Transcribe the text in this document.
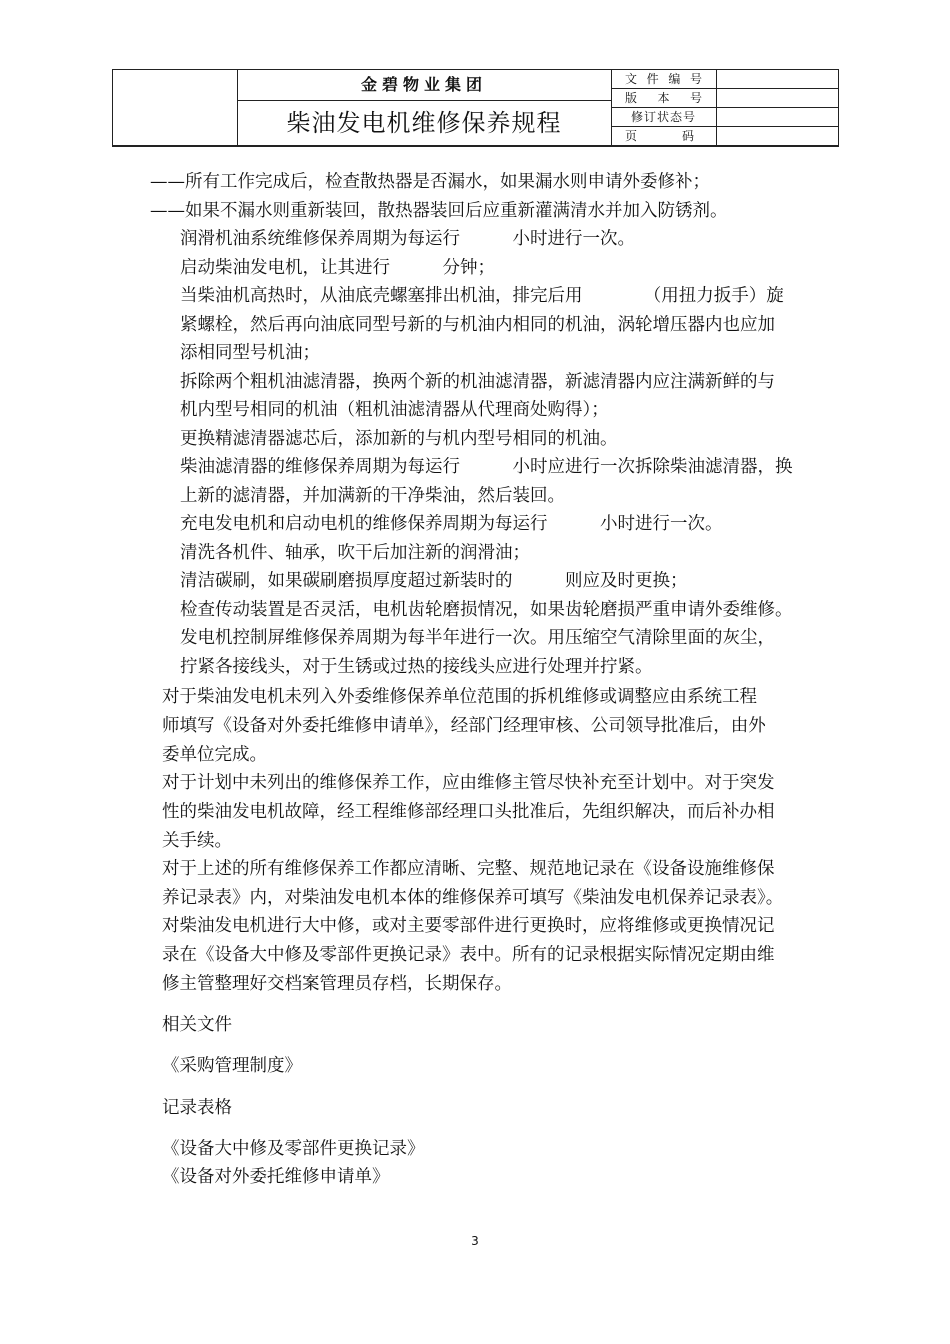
金碧物业集团
柴油发电机维修保养规程
文 件 编 号
版 本 号
修订状态号
页	码
——所有工作完成后，检查散热器是否漏水，如果漏水则申请外委修补；
——如果不漏水则重新装回，散热器装回后应重新灌满清水并加入防锈剂。
润滑机油系统维修保养周期为每运行　　　小时进行一次。
启动柴油发电机，让其进行　　　分钟；
当柴油机高热时，从油底壳螺塞排出机油，排完后用　　　　（用扭力扳手）旋
紧螺栓，然后再向油底同型号新的与机油内相同的机油，涡轮增压器内也应加
添相同型号机油；
拆除两个粗机油滤清器，换两个新的机油滤清器，新滤清器内应注满新鲜的与
机内型号相同的机油（粗机油滤清器从代理商处购得）；
更换精滤清器滤芯后，添加新的与机内型号相同的机油。
柴油滤清器的维修保养周期为每运行　　　小时应进行一次拆除柴油滤清器，换
上新的滤清器，并加满新的干净柴油，然后装回。
充电发电机和启动电机的维修保养周期为每运行　　　小时进行一次。
清洗各机件、轴承，吹干后加注新的润滑油；
清洁碳刷，如果碳刷磨损厚度超过新装时的　　　则应及时更换；
检查传动装置是否灵活，电机齿轮磨损情况，如果齿轮磨损严重申请外委维修。
发电机控制屏维修保养周期为每半年进行一次。用压缩空气清除里面的灰尘，
拧紧各接线头，对于生锈或过热的接线头应进行处理并拧紧。
对于柴油发电机未列入外委维修保养单位范围的拆机维修或调整应由系统工程
师填写《设备对外委托维修申请单》，经部门经理审核、公司领导批准后，由外
委单位完成。
对于计划中未列出的维修保养工作，应由维修主管尽快补充至计划中。对于突发
性的柴油发电机故障，经工程维修部经理口头批准后，先组织解决，而后补办相
关手续。
对于上述的所有维修保养工作都应清晰、完整、规范地记录在《设备设施维修保
养记录表》内，对柴油发电机本体的维修保养可填写《柴油发电机保养记录表》。
对柴油发电机进行大中修，或对主要零部件进行更换时，应将维修或更换情况记
录在《设备大中修及零部件更换记录》表中。所有的记录根据实际情况定期由维
修主管整理好交档案管理员存档，长期保存。
相关文件
《采购管理制度》
记录表格
《设备大中修及零部件更换记录》
《设备对外委托维修申请单》
3
